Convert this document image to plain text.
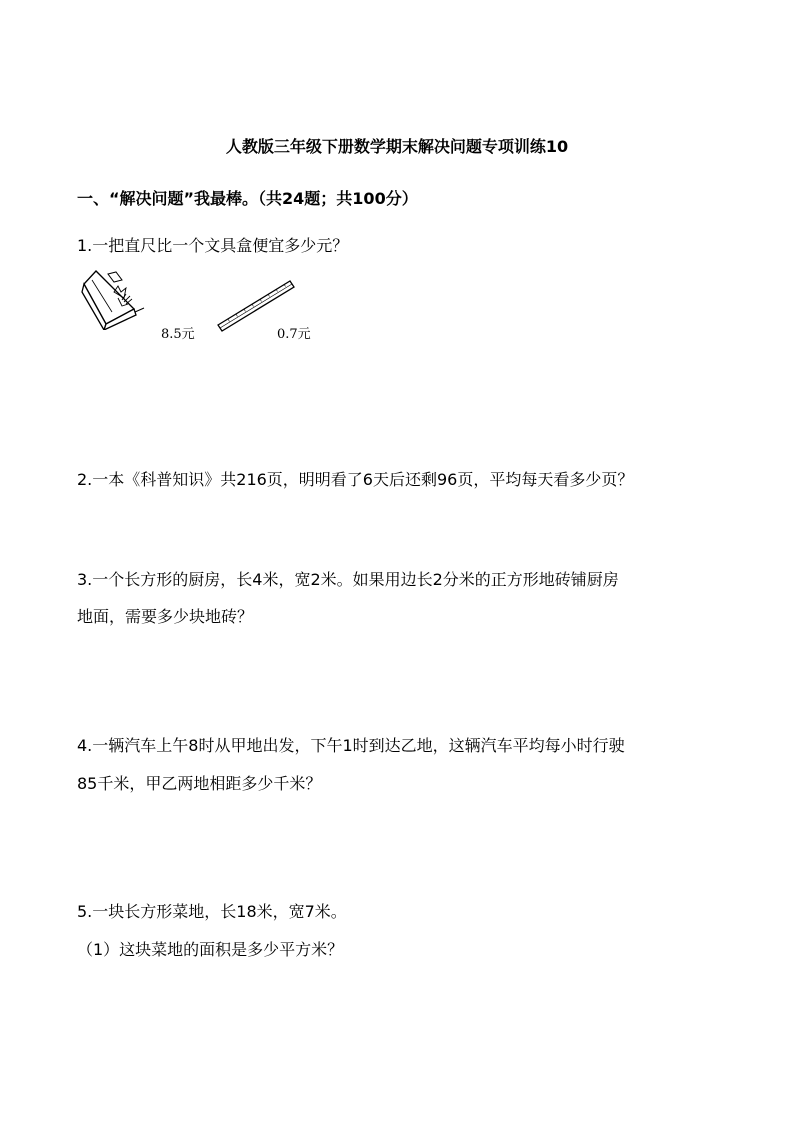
人教版三年级下册数学期末解决问题专项训练10
一、“解决问题”我最棒。（共24题；共100分）
1.一把直尺比一个文具盒便宜多少元？
8.5元	0.7元
2.一本《科普知识》共216页，明明看了6天后还剩96页，平均每天看多少页？
3.一个长方形的厨房，长4米，宽2米。如果用边长2分米的正方形地砖铺厨房
地面，需要多少块地砖？
4.一辆汽车上午8时从甲地出发，下午1时到达乙地，这辆汽车平均每小时行驶
85千米，甲乙两地相距多少千米？
5.一块长方形菜地，长18米，宽7米。
（1）这块菜地的面积是多少平方米？
